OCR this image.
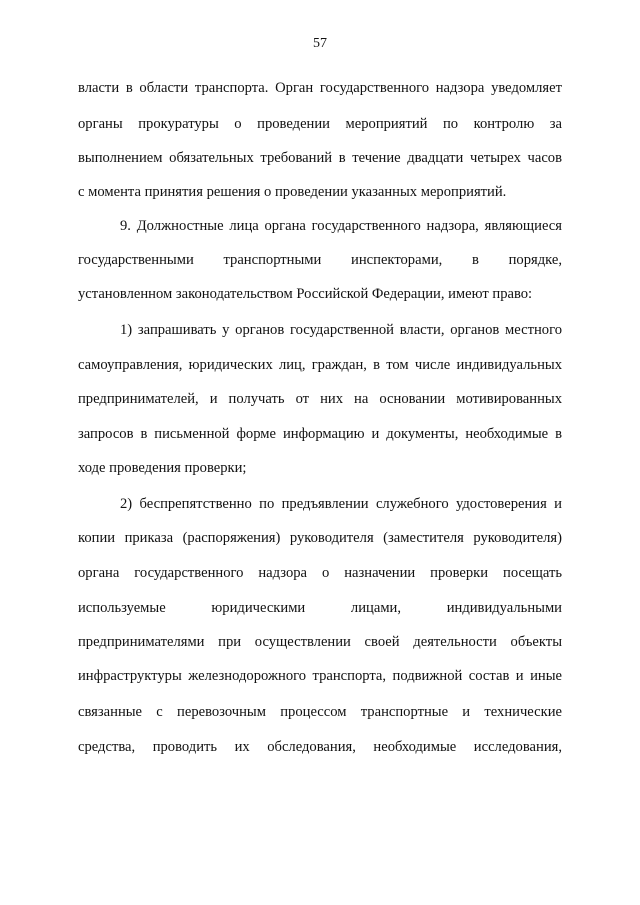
57
власти в области транспорта. Орган государственного надзора уведомляет
органы прокуратуры о проведении мероприятий по контролю за
выполнением обязательных требований в течение двадцати четырех часов
с момента принятия решения о проведении указанных мероприятий.
9. Должностные лица органа государственного надзора, являющиеся
государственными транспортными инспекторами, в порядке,
установленном законодательством Российской Федерации, имеют право:
1) запрашивать у органов государственной власти, органов местного
самоуправления, юридических лиц, граждан, в том числе индивидуальных
предпринимателей, и получать от них на основании мотивированных
запросов в письменной форме информацию и документы, необходимые в
ходе проведения проверки;
2) беспрепятственно по предъявлении служебного удостоверения и
копии приказа (распоряжения) руководителя (заместителя руководителя)
органа государственного надзора о назначении проверки посещать
используемые юридическими лицами, индивидуальными
предпринимателями при осуществлении своей деятельности объекты
инфраструктуры железнодорожного транспорта, подвижной состав и иные
связанные с перевозочным процессом транспортные и технические
средства, проводить их обследования, необходимые исследования,
